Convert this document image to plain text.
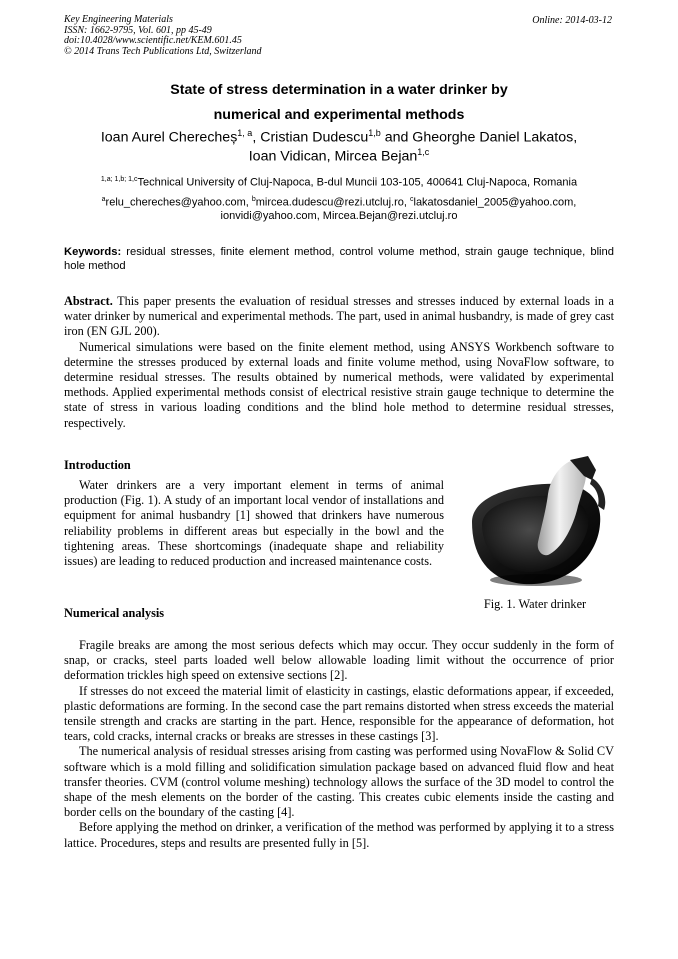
Key Engineering Materials
ISSN: 1662-9795, Vol. 601, pp 45-49
doi:10.4028/www.scientific.net/KEM.601.45
© 2014 Trans Tech Publications Ltd, Switzerland
Online: 2014-03-12
State of stress determination in a water drinker by
numerical and experimental methods
Ioan Aurel Cherecheș$^{1, a}$, Cristian Dudescu$^{1,b}$ and Gheorghe Daniel Lakatos,
Ioan Vidican, Mircea Bejan$^{1,c}$
$^{1,a; 1,b; 1,c}$Technical University of Cluj-Napoca, B-dul Muncii 103-105, 400641 Cluj-Napoca, Romania
$^a$relu_chereches@yahoo.com, $^b$mircea.dudescu@rezi.utcluj.ro, $^c$lakatosdaniel_2005@yahoo.com,
ionvidi@yahoo.com, Mircea.Bejan@rezi.utcluj.ro
Keywords: residual stresses, finite element method, control volume method, strain gauge technique, blind hole method

Abstract. This paper presents the evaluation of residual stresses and stresses induced by external loads in a water drinker by numerical and experimental methods. The part, used in animal husbandry, is made of grey cast iron (EN GJL 200).

Numerical simulations were based on the finite element method, using ANSYS Workbench software to determine the stresses produced by external loads and finite volume method, using NovaFlow software, to determine residual stresses. The results obtained by numerical methods, were validated by experimental methods. Applied experimental methods consist of electrical resistive strain gauge technique to determine the state of stress in various loading conditions and the blind hole method to determine residual stresses, respectively.

Introduction

Water drinkers are a very important element in terms of animal production (Fig. 1). A study of an important local vendor of installations and equipment for animal husbandry [1] showed that drinkers have numerous reliability problems in different areas but especially in the bowl and the tightening areas. These shortcomings (inadequate shape and reliability issues) are leading to reduced production and increased maintenance costs.

Fig. 1. Water drinker
Numerical analysis

Fragile breaks are among the most serious defects which may occur. They occur suddenly in the form of snap, or cracks, steel parts loaded well below allowable loading limit without the occurrence of prior deformation trickles high speed on extensive sections [2].

If stresses do not exceed the material limit of elasticity in castings, elastic deformations appear, if exceeded, plastic deformations are forming. In the second case the part remains distorted when stress exceeds the material tensile strength and cracks are starting in the part. Hence, responsible for the appearance of deformation, hot tears, cold cracks, internal cracks or breaks are stresses in these castings [3].

The numerical analysis of residual stresses arising from casting was performed using NovaFlow & Solid CV software which is a mold filling and solidification simulation package based on advanced fluid flow and heat transfer theories. CVM (control volume meshing) technology allows the surface of the 3D model to control the shape of the mesh elements on the border of the casting. This creates cubic elements inside the casting and border cells on the boundary of the casting [4].

Before applying the method on drinker, a verification of the method was performed by applying it to a stress lattice. Procedures, steps and results are presented fully in [5].
